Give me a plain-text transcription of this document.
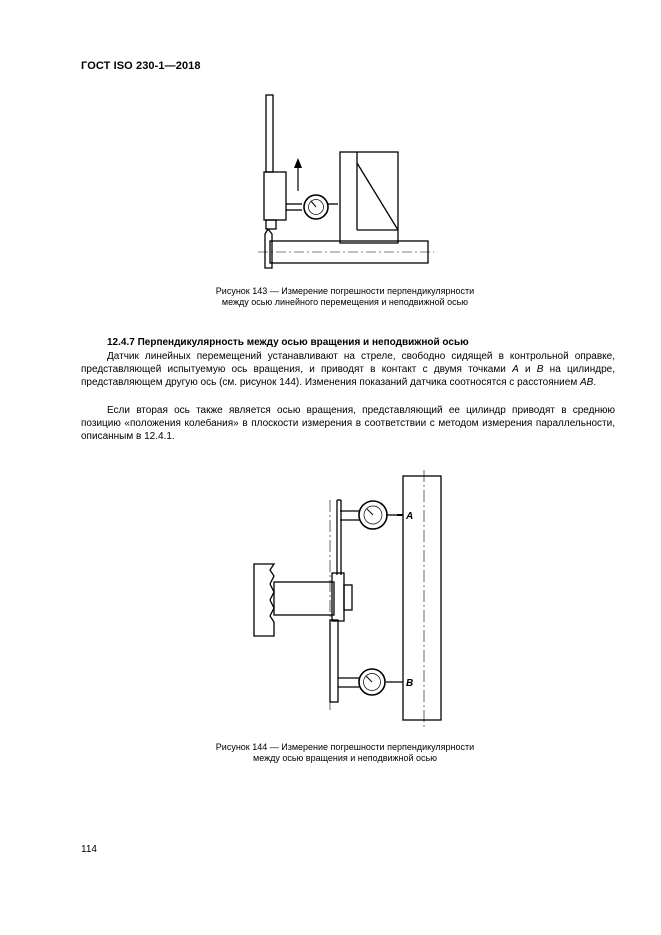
ГОСТ ISO 230-1—2018
Рисунок 143 — Измерение погрешности перпендикулярности
между осью линейного перемещения и неподвижной осью
12.4.7 Перпендикулярность между осью вращения и неподвижной осью
Датчик линейных перемещений устанавливают на стреле, свободно сидящей в контрольной оправке, представляющей испытуемую ось вращения, и приводят в контакт с двумя точками A и B на цилиндре, представляющем другую ось (см. рисунок 144). Изменения показаний датчика соотносятся с расстоянием AB.
Если вторая ось также является осью вращения, представляющий ее цилиндр приводят в среднюю позицию «положения колебания» в плоскости измерения в соответствии с методом измерения параллельности, описанным в 12.4.1.
A
B
Рисунок 144 — Измерение погрешности перпендикулярности
между осью вращения и неподвижной осью
114
